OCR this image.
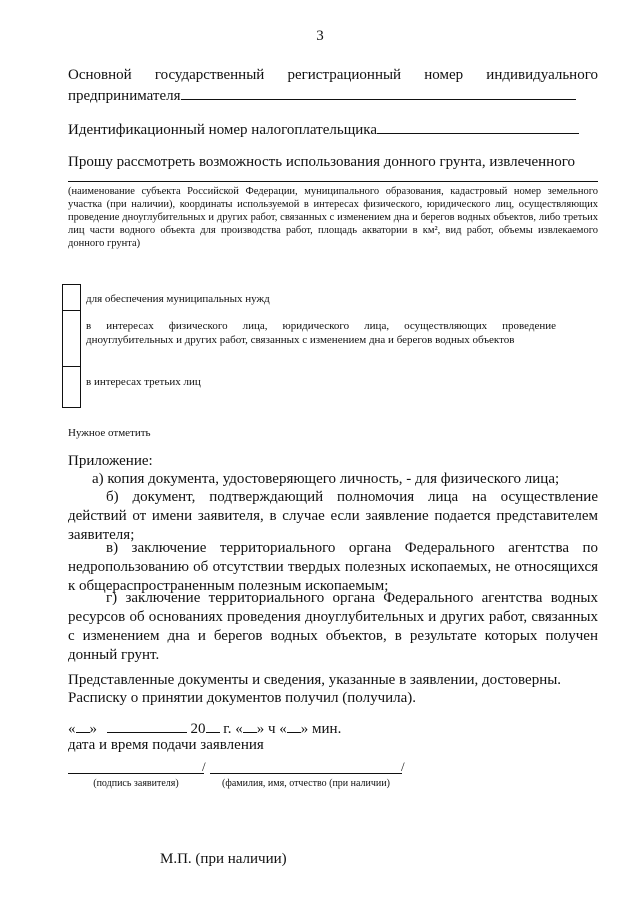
3
Основной государственный регистрационный номер индивидуального
предпринимателя
Идентификационный номер налогоплательщика
Прошу рассмотреть возможность использования донного грунта, извлеченного
(наименование субъекта Российской Федерации, муниципального образования, кадастровый номер земельного участка (при наличии), координаты используемой в интересах физического, юридического лиц, осуществляющих проведение дноуглубительных и других работ, связанных с изменением дна и берегов водных объектов, либо третьих лиц части водного объекта для производства работ, площадь акватории в км², вид работ, объемы извлекаемого донного грунта)
для обеспечения муниципальных нужд
в интересах физического лица, юридического лица, осуществляющих проведение дноуглубительных и других работ, связанных с изменением дна и берегов водных объектов
в интересах третьих лиц
Нужное отметить
Приложение:
а) копия документа, удостоверяющего личность, - для физического лица;
б) документ, подтверждающий полномочия лица на осуществление действий от имени заявителя, в случае если заявление подается представителем заявителя;
в) заключение территориального органа Федерального агентства по недропользованию об отсутствии твердых полезных ископаемых, не относящихся к общераспространенным полезным ископаемым;
г) заключение территориального органа Федерального агентства водных ресурсов об основаниях проведения дноуглубительных и других работ, связанных с изменением дна и берегов водных объектов, в результате которых получен донный грунт.
Представленные документы и сведения, указанные в заявлении, достоверны.
Расписку о принятии документов получил (получила).
« »	20 г. « » ч « » мин.
дата и время подачи заявления
/	/
(подпись заявителя)	(фамилия, имя, отчество (при наличии)
М.П. (при наличии)
